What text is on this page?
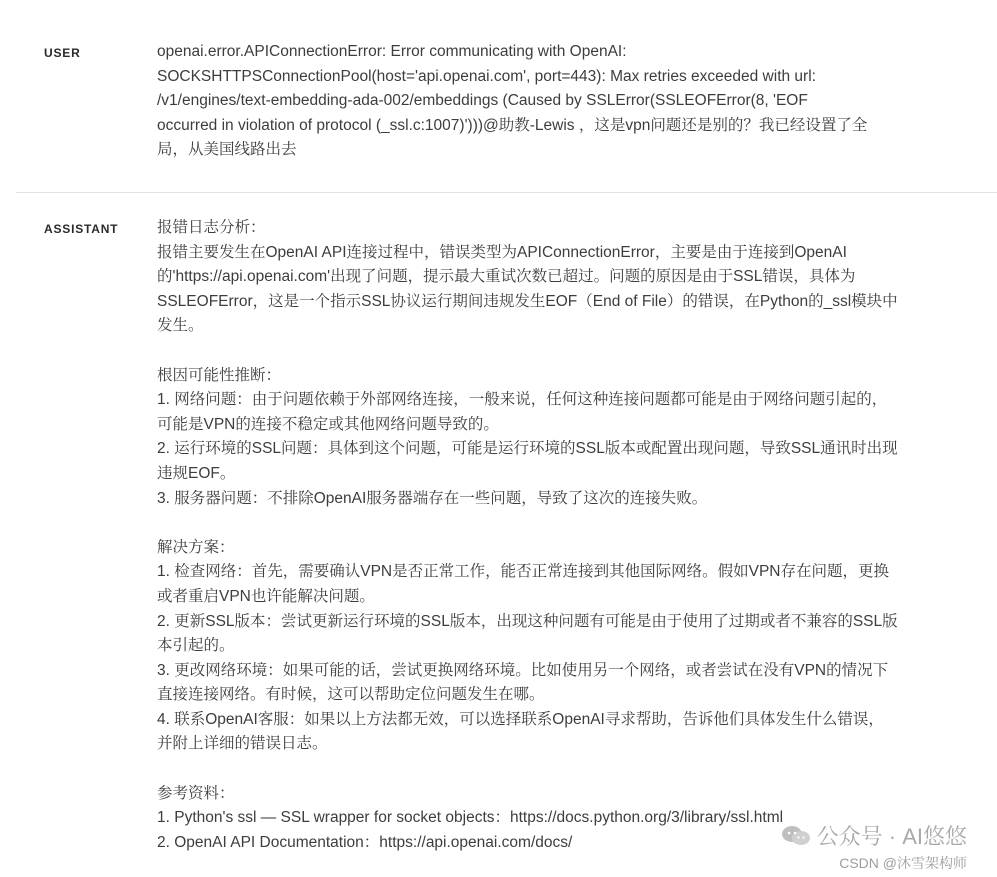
USER	openai.error.APIConnectionError: Error communicating with OpenAI:
SOCKSHTTPSConnectionPool(host='api.openai.com', port=443): Max retries exceeded with url:
/v1/engines/text-embedding-ada-002/embeddings (Caused by SSLError(SSLEOFError(8, 'EOF
occurred in violation of protocol (_ssl.c:1007)')))@助教-Lewis ，这是vpn问题还是别的？我已经设置了全
局，从美国线路出去
ASSISTANT 报错日志分析：
报错主要发生在OpenAI API连接过程中，错误类型为APIConnectionError，主要是由于连接到OpenAI
的'https://api.openai.com'出现了问题，提示最大重试次数已超过。问题的原因是由于SSL错误，具体为
SSLEOFError，这是一个指示SSL协议运行期间违规发生EOF（End of File）的错误，在Python的_ssl模块中
发生。
根因可能性推断：
1. 网络问题：由于问题依赖于外部网络连接，一般来说，任何这种连接问题都可能是由于网络问题引起的，
可能是VPN的连接不稳定或其他网络问题导致的。
2. 运行环境的SSL问题：具体到这个问题，可能是运行环境的SSL版本或配置出现问题，导致SSL通讯时出现
违规EOF。
3. 服务器问题：不排除OpenAI服务器端存在一些问题，导致了这次的连接失败。
解决方案：
1. 检查网络：首先，需要确认VPN是否正常工作，能否正常连接到其他国际网络。假如VPN存在问题，更换
或者重启VPN也许能解决问题。
2. 更新SSL版本：尝试更新运行环境的SSL版本，出现这种问题有可能是由于使用了过期或者不兼容的SSL版
本引起的。
3. 更改网络环境：如果可能的话，尝试更换网络环境。比如使用另一个网络，或者尝试在没有VPN的情况下
直接连接网络。有时候，这可以帮助定位问题发生在哪。
4. 联系OpenAI客服：如果以上方法都无效，可以选择联系OpenAI寻求帮助，告诉他们具体发生什么错误，
并附上详细的错误日志。
参考资料：
1. Python's ssl — SSL wrapper for socket objects：https://docs.python.org/3/library/ssl.html
2. OpenAI API Documentation：https://api.openai.com/docs/	公众号 · AI悠悠
CSDN @沐雪架构师
